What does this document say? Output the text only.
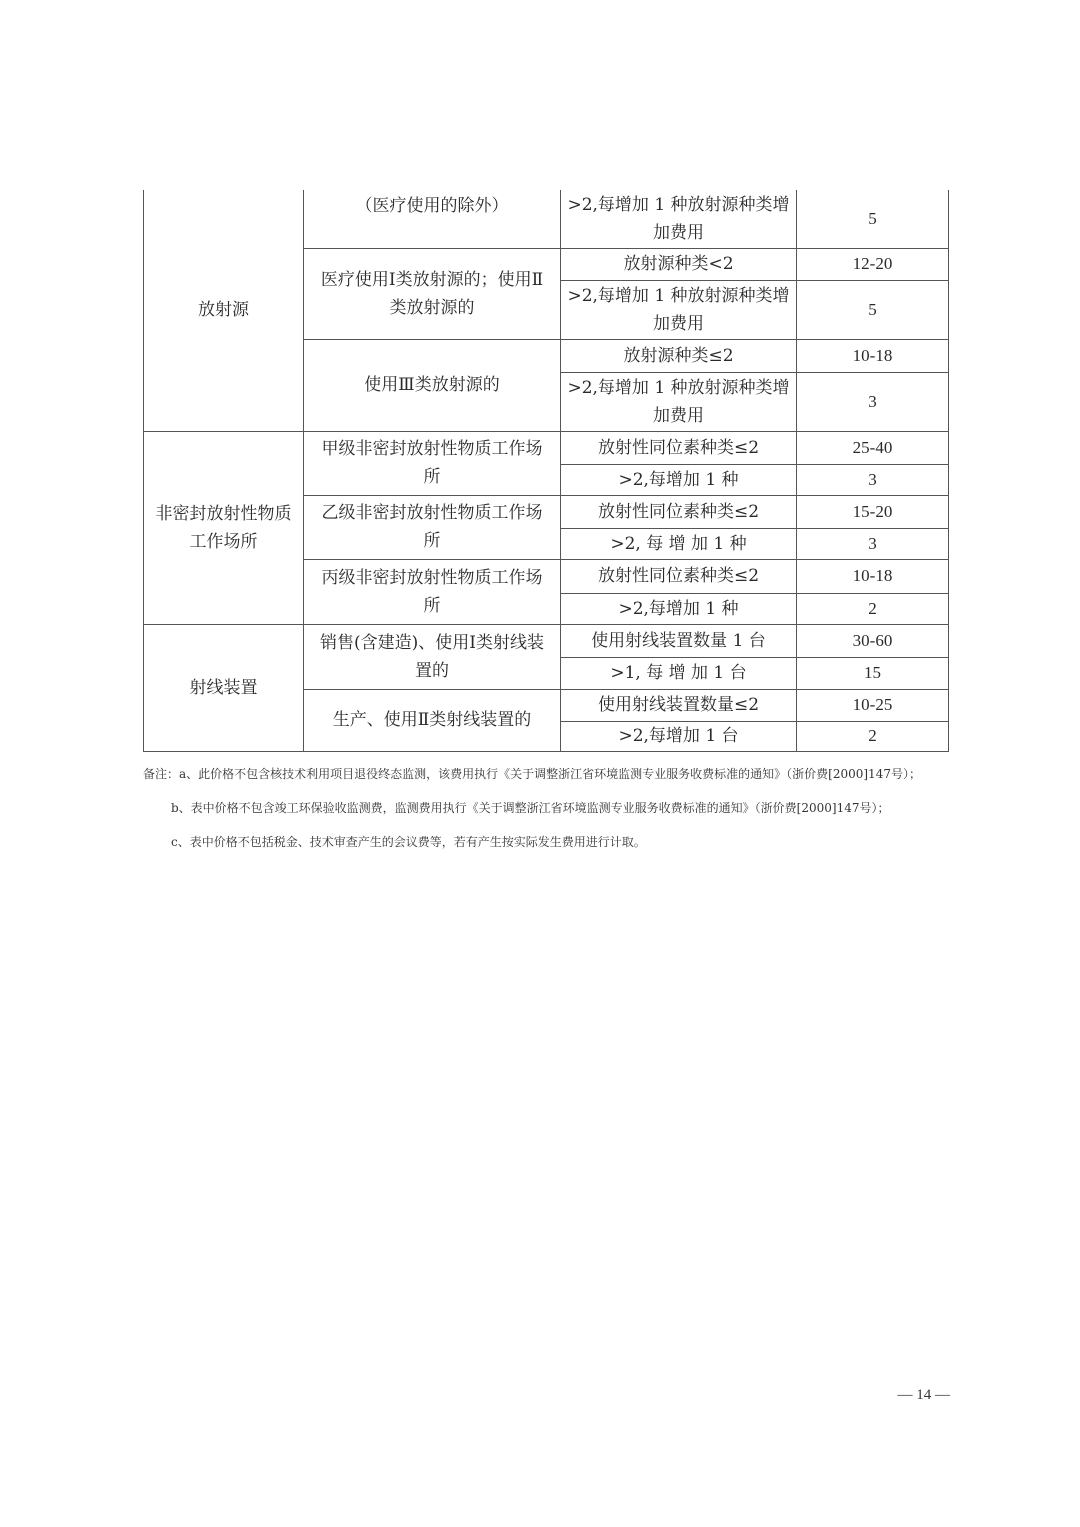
放射源	（医疗使用的除外）	>2,每增加 1 种放射源种类增加费用	5
	医疗使用Ⅰ类放射源的；使用Ⅱ类放射源的	放射源种类<2	12-20
		>2,每增加 1 种放射源种类增加费用	5
	使用Ⅲ类放射源的	放射源种类≤2	10-18
		>2,每增加 1 种放射源种类增加费用	3
非密封放射性物质工作场所	甲级非密封放射性物质工作场所	放射性同位素种类≤2	25-40
		>2,每增加 1 种	3
	乙级非密封放射性物质工作场所	放射性同位素种类≤2	15-20
		>2, 每 增 加 1 种	3
	丙级非密封放射性物质工作场所	放射性同位素种类≤2	10-18
		>2,每增加 1 种	2
射线装置	销售(含建造)、使用Ⅰ类射线装置的	使用射线装置数量 1 台	30-60
		>1, 每 增 加 1 台	15
	生产、使用Ⅱ类射线装置的	使用射线装置数量≤2	10-25
		>2,每增加 1 台	2

备注：a、此价格不包含核技术利用项目退役终态监测，该费用执行《关于调整浙江省环境监测专业服务收费标准的通知》（浙价费[2000]147号）；

b、表中价格不包含竣工环保验收监测费，监测费用执行《关于调整浙江省环境监测专业服务收费标准的通知》（浙价费[2000]147号）；

c、表中价格不包括税金、技术审查产生的会议费等，若有产生按实际发生费用进行计取。

— 14 —
